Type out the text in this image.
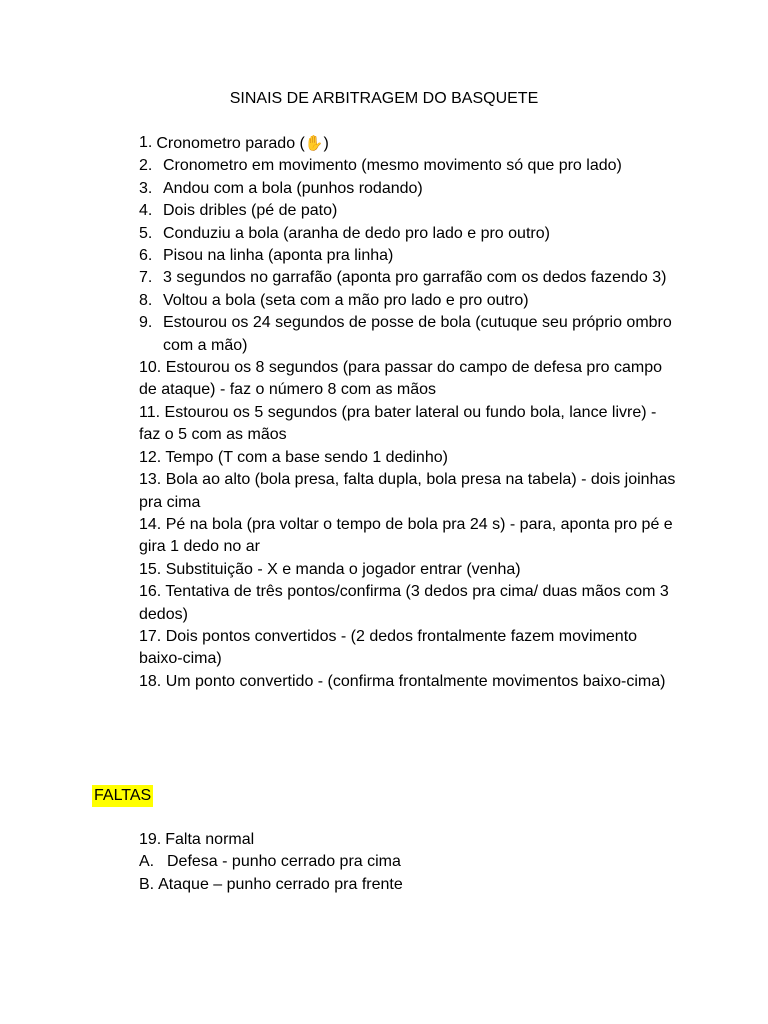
SINAIS DE ARBITRAGEM DO BASQUETE
1. Cronometro parado (✋)
2. Cronometro em movimento (mesmo movimento só que pro lado)
3. Andou com a bola (punhos rodando)
4. Dois dribles (pé de pato)
5. Conduziu a bola (aranha de dedo pro lado e pro outro)
6. Pisou na linha (aponta pra linha)
7. 3 segundos no garrafão (aponta pro garrafão com os dedos fazendo 3)
8. Voltou a bola (seta com a mão pro lado e pro outro)
9. Estourou os 24 segundos de posse de bola (cutuque seu próprio ombro com a mão)
10. Estourou os 8 segundos (para passar do campo de defesa pro campo de ataque) - faz o número 8 com as mãos
11. Estourou os 5 segundos (pra bater lateral ou fundo bola, lance livre) - faz o 5 com as mãos
12. Tempo (T com a base sendo 1 dedinho)
13. Bola ao alto (bola presa, falta dupla, bola presa na tabela) - dois joinhas pra cima
14. Pé na bola (pra voltar o tempo de bola pra 24 s) - para, aponta pro pé e gira 1 dedo no ar
15. Substituição - X e manda o jogador entrar (venha)
16. Tentativa de três pontos/confirma (3 dedos pra cima/ duas mãos com 3 dedos)
17. Dois pontos convertidos - (2 dedos frontalmente fazem movimento baixo-cima)
18. Um ponto convertido - (confirma frontalmente movimentos baixo-cima)

FALTAS

19. Falta normal
A. Defesa - punho cerrado pra cima
B. Ataque – punho cerrado pra frente
